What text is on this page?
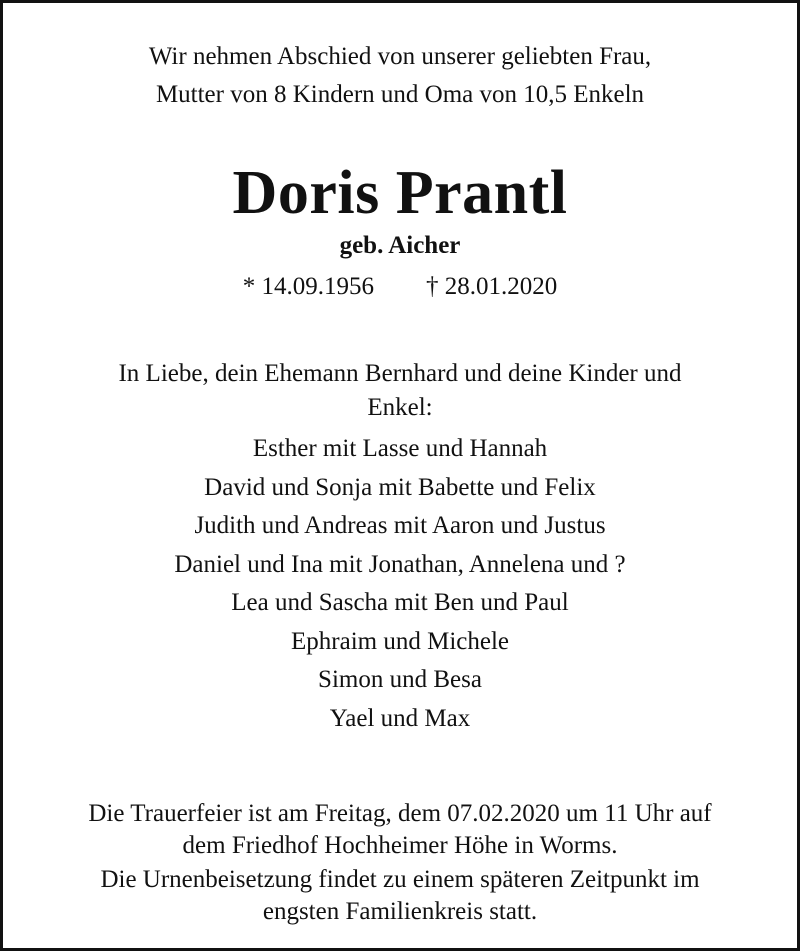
Wir nehmen Abschied von unserer geliebten Frau,
Mutter von 8 Kindern und Oma von 10,5 Enkeln
Doris Prantl
geb. Aicher
* 14.09.1956 † 28.01.2020
In Liebe, dein Ehemann Bernhard und deine Kinder und
Enkel:
Esther mit Lasse und Hannah
David und Sonja mit Babette und Felix
Judith und Andreas mit Aaron und Justus
Daniel und Ina mit Jonathan, Annelena und ?
Lea und Sascha mit Ben und Paul
Ephraim und Michele
Simon und Besa
Yael und Max
Die Trauerfeier ist am Freitag, dem 07.02.2020 um 11 Uhr auf
dem Friedhof Hochheimer Höhe in Worms.
Die Urnenbeisetzung findet zu einem späteren Zeitpunkt im
engsten Familienkreis statt.
